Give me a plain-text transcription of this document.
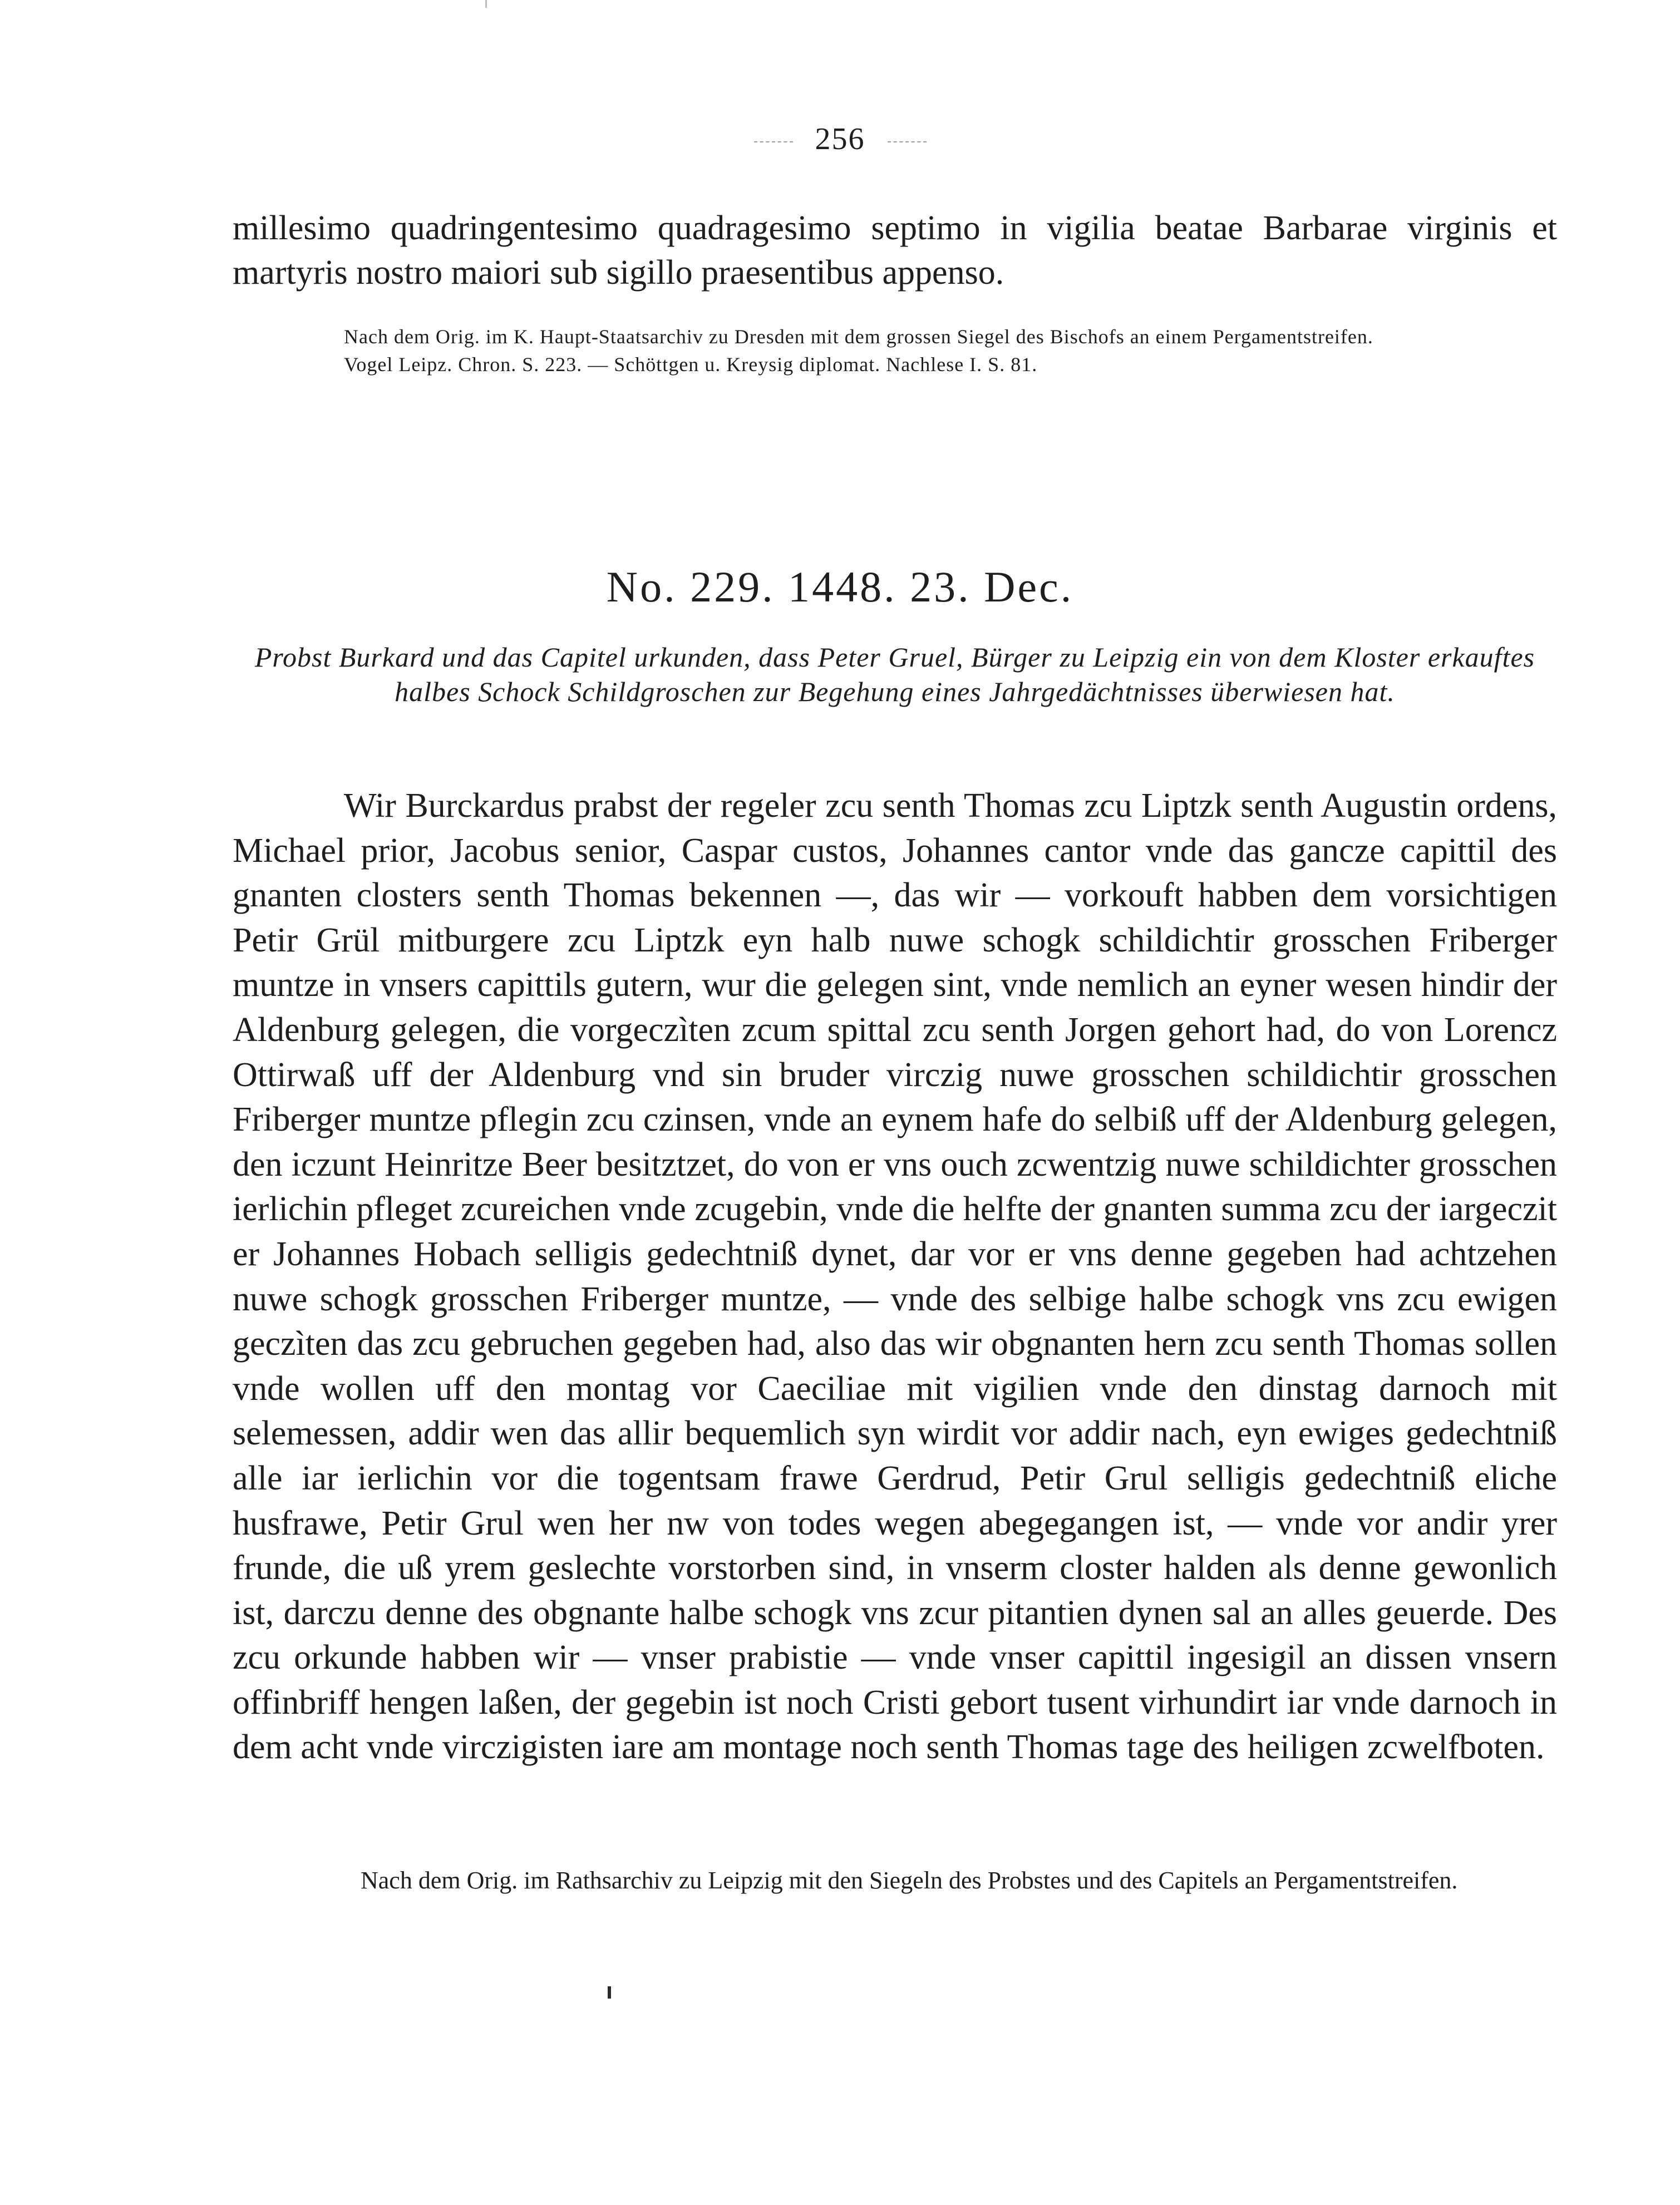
256
millesimo quadringentesimo quadragesimo septimo in vigilia beatae Barbarae virginis et martyris nostro maiori sub sigillo praesentibus appenso.

Nach dem Orig. im K. Haupt-Staatsarchiv zu Dresden mit dem grossen Siegel des Bischofs an einem Pergamentstreifen.

Vogel Leipz. Chron. S. 223. — Schöttgen u. Kreysig diplomat. Nachlese I. S. 81.

No. 229. 1448. 23. Dec.
Probst Burkard und das Capitel urkunden, dass Peter Gruel, Bürger zu Leipzig ein von dem Kloster erkauftes halbes Schock Schildgroschen zur Begehung eines Jahrgedächtnisses überwiesen hat.

Wir Burckardus prabst der regeler zcu senth Thomas zcu Liptzk senth Augustin ordens, Michael prior, Jacobus senior, Caspar custos, Johannes cantor vnde das gancze capittil des gnanten closters senth Thomas bekennen —, das wir — vorkouft habben dem vorsichtigen Petir Grül mitburgere zcu Liptzk eyn halb nuwe schogk schildichtir grosschen Friberger muntze in vnsers capittils gutern, wur die gelegen sint, vnde nemlich an eyner wesen hindir der Aldenburg gelegen, die vorgeczìten zcum spittal zcu senth Jorgen gehort had, do von Lorencz Ottirwaß uff der Aldenburg vnd sin bruder virczig nuwe grosschen schildichtir grosschen Friberger muntze pflegin zcu czinsen, vnde an eynem hafe do selbiß uff der Aldenburg gelegen, den iczunt Heinritze Beer besitztzet, do von er vns ouch zcwentzig nuwe schildichter grosschen ierlichin pfleget zcureichen vnde zcugebin, vnde die helfte der gnanten summa zcu der iargeczit er Johannes Hobach selligis gedechtniß dynet, dar vor er vns denne gegeben had achtzehen nuwe schogk grosschen Friberger muntze, — vnde des selbige halbe schogk vns zcu ewigen geczìten das zcu gebruchen gegeben had, also das wir obgnanten hern zcu senth Thomas sollen vnde wollen uff den montag vor Caeciliae mit vigilien vnde den dinstag darnoch mit selemessen, addir wen das allir bequemlich syn wirdit vor addir nach, eyn ewiges gedechtniß alle iar ierlichin vor die togentsam frawe Gerdrud, Petir Grul selligis gedechtniß eliche husfrawe, Petir Grul wen her nw von todes wegen abegegangen ist, — vnde vor andir yrer frunde, die uß yrem geslechte vorstorben sind, in vnserm closter halden als denne gewonlich ist, darczu denne des obgnante halbe schogk vns zcur pitantien dynen sal an alles geuerde. Des zcu orkunde habben wir — vnser prabistie — vnde vnser capittil ingesigil an dissen vnsern offinbriff hengen laßen, der gegebin ist noch Cristi gebort tusent virhundirt iar vnde darnoch in dem acht vnde virczigisten iare am montage noch senth Thomas tage des heiligen zcwelfboten.

Nach dem Orig. im Rathsarchiv zu Leipzig mit den Siegeln des Probstes und des Capitels an Pergamentstreifen.
